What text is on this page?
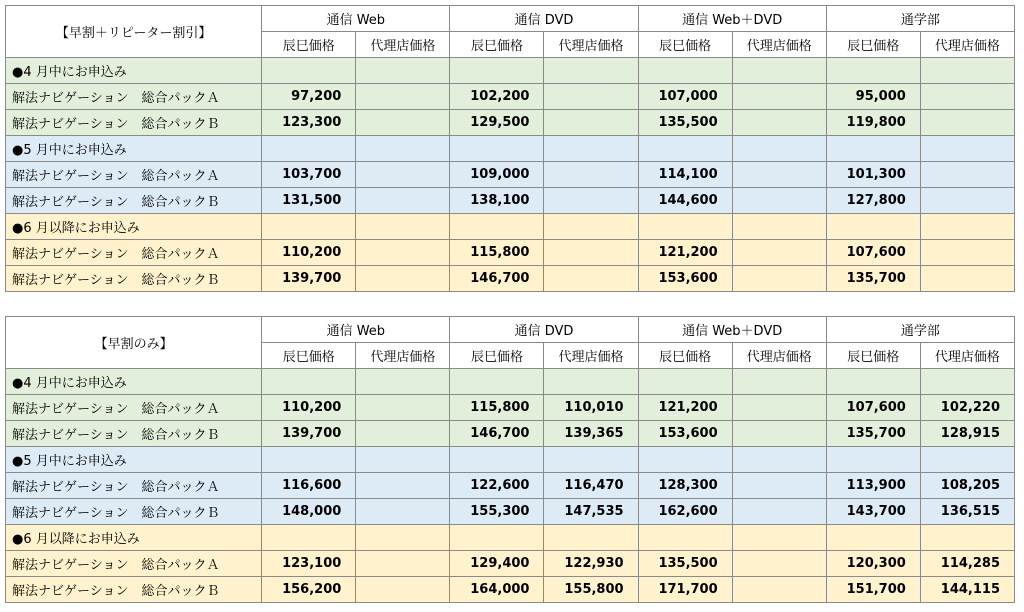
【早割＋リピーター割引】	通信 Web		通信 DVD		通信 Web＋DVD		通学部	
	辰巳価格	代理店価格	辰巳価格	代理店価格	辰巳価格	代理店価格	辰巳価格	代理店価格
●4 月中にお申込み								
解法ナビゲーション　総合パックＡ	97,200		102,200		107,000		95,000	
解法ナビゲーション　総合パックＢ	123,300		129,500		135,500		119,800	
●5 月中にお申込み								
解法ナビゲーション　総合パックＡ	103,700		109,000		114,100		101,300	
解法ナビゲーション　総合パックＢ	131,500		138,100		144,600		127,800	
●6 月以降にお申込み								
解法ナビゲーション　総合パックＡ	110,200		115,800		121,200		107,600	
解法ナビゲーション　総合パックＢ	139,700		146,700		153,600		135,700	
【早割のみ】	通信 Web		通信 DVD		通信 Web＋DVD		通学部	
	辰巳価格	代理店価格	辰巳価格	代理店価格	辰巳価格	代理店価格	辰巳価格	代理店価格
●4 月中にお申込み								
解法ナビゲーション　総合パックＡ	110,200		115,800	110,010	121,200		107,600	102,220
解法ナビゲーション　総合パックＢ	139,700		146,700	139,365	153,600		135,700	128,915
●5 月中にお申込み								
解法ナビゲーション　総合パックＡ	116,600		122,600	116,470	128,300		113,900	108,205
解法ナビゲーション　総合パックＢ	148,000		155,300	147,535	162,600		143,700	136,515
●6 月以降にお申込み								
解法ナビゲーション　総合パックＡ	123,100		129,400	122,930	135,500		120,300	114,285
解法ナビゲーション　総合パックＢ	156,200		164,000	155,800	171,700		151,700	144,115
